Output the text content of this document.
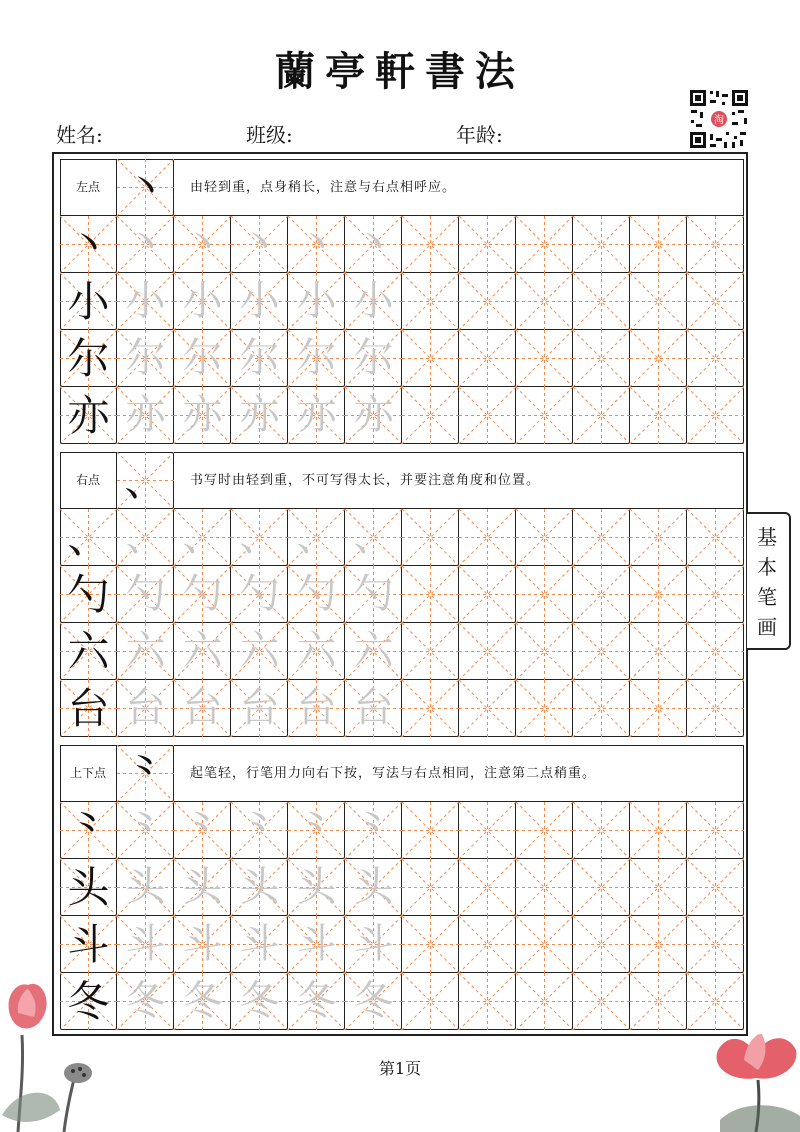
蘭亭軒書法
姓名:	班级:	年龄:
淘
左点 丶	由轻到重，点身稍长，注意与右点相呼应。
丶 丶 丶 丶 丶 丶
小 小 小 小 小 小
尔 尔 尔 尔 尔 尔
亦 亦 亦 亦 亦 亦
右点 、	书写时由轻到重，不可写得太长，并要注意角度和位置。
、 、 、 、 、 、
勺 勺 勺 勺 勺 勺
六 六 六 六 六 六
台 台 台 台 台 台
上下点 ⺀	起笔轻，行笔用力向右下按，写法与右点相同，注意第二点稍重。
⺀ ⺀ ⺀ ⺀ ⺀ ⺀
头 头 头 头 头 头
斗 斗 斗 斗 斗 斗
冬 冬 冬 冬 冬 冬
基
本
笔
画
第1页
